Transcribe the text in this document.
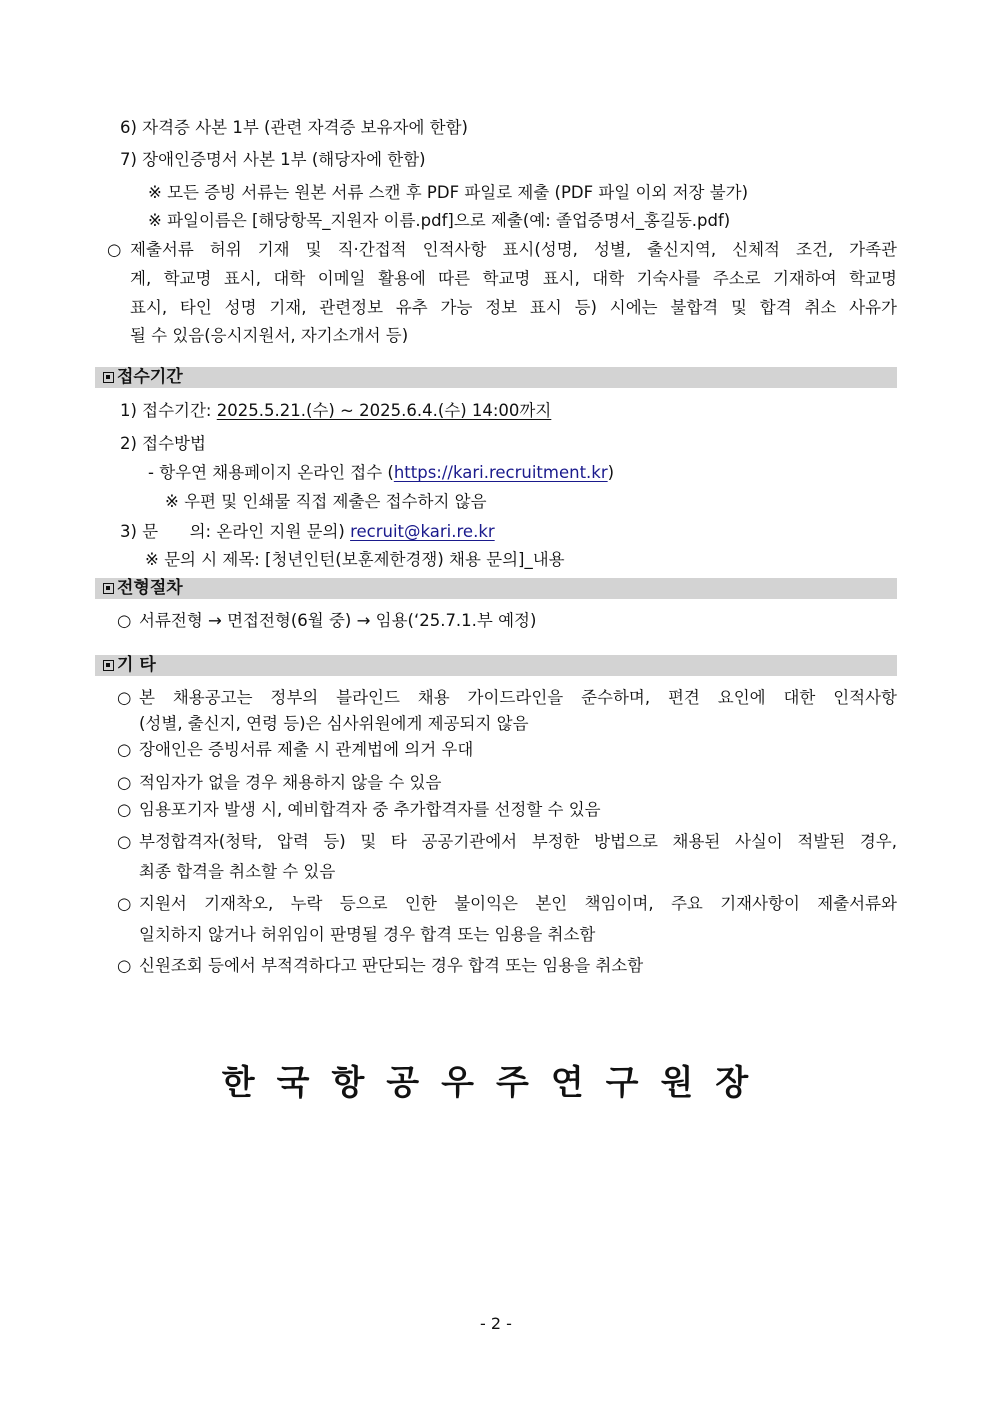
6) 자격증 사본 1부 (관련 자격증 보유자에 한함)
7) 장애인증명서 사본 1부 (해당자에 한함)
※ 모든 증빙 서류는 원본 서류 스캔 후 PDF 파일로 제출 (PDF 파일 이외 저장 불가)
※ 파일이름은 [해당항목_지원자 이름.pdf]으로 제출(예: 졸업증명서_홍길동.pdf)
○ 제출서류 허위 기재 및 직·간접적 인적사항 표시(성명, 성별, 출신지역, 신체적 조건, 가족관
계, 학교명 표시, 대학 이메일 활용에 따른 학교명 표시, 대학 기숙사를 주소로 기재하여 학교명
표시, 타인 성명 기재, 관련정보 유추 가능 정보 표시 등) 시에는 불합격 및 합격 취소 사유가
될 수 있음(응시지원서, 자기소개서 등)
접수기간
1) 접수기간: 2025.5.21.(수) ~ 2025.6.4.(수) 14:00까지
2) 접수방법
- 항우연 채용페이지 온라인 접수 (https://kari.recruitment.kr)
※ 우편 및 인쇄물 직접 제출은 접수하지 않음
3) 문      의: 온라인 지원 문의) recruit@kari.re.kr
※ 문의 시 제목: [청년인턴(보훈제한경쟁) 채용 문의]_내용
전형절차
○ 서류전형 → 면접전형(6월 중) → 임용(‘25.7.1.부 예정)
기 타
○ 본 채용공고는 정부의 블라인드 채용 가이드라인을 준수하며, 편견 요인에 대한 인적사항
(성별, 출신지, 연령 등)은 심사위원에게 제공되지 않음
○ 장애인은 증빙서류 제출 시 관계법에 의거 우대
○ 적임자가 없을 경우 채용하지 않을 수 있음
○ 임용포기자 발생 시, 예비합격자 중 추가합격자를 선정할 수 있음
○ 부정합격자(청탁, 압력 등) 및 타 공공기관에서 부정한 방법으로 채용된 사실이 적발된 경우,
최종 합격을 취소할 수 있음
○ 지원서 기재착오, 누락 등으로 인한 불이익은 본인 책임이며, 주요 기재사항이 제출서류와
일치하지 않거나 허위임이 판명될 경우 합격 또는 임용을 취소함
○ 신원조회 등에서 부적격하다고 판단되는 경우 합격 또는 임용을 취소함
한국항공우주연구원장
- 2 -
